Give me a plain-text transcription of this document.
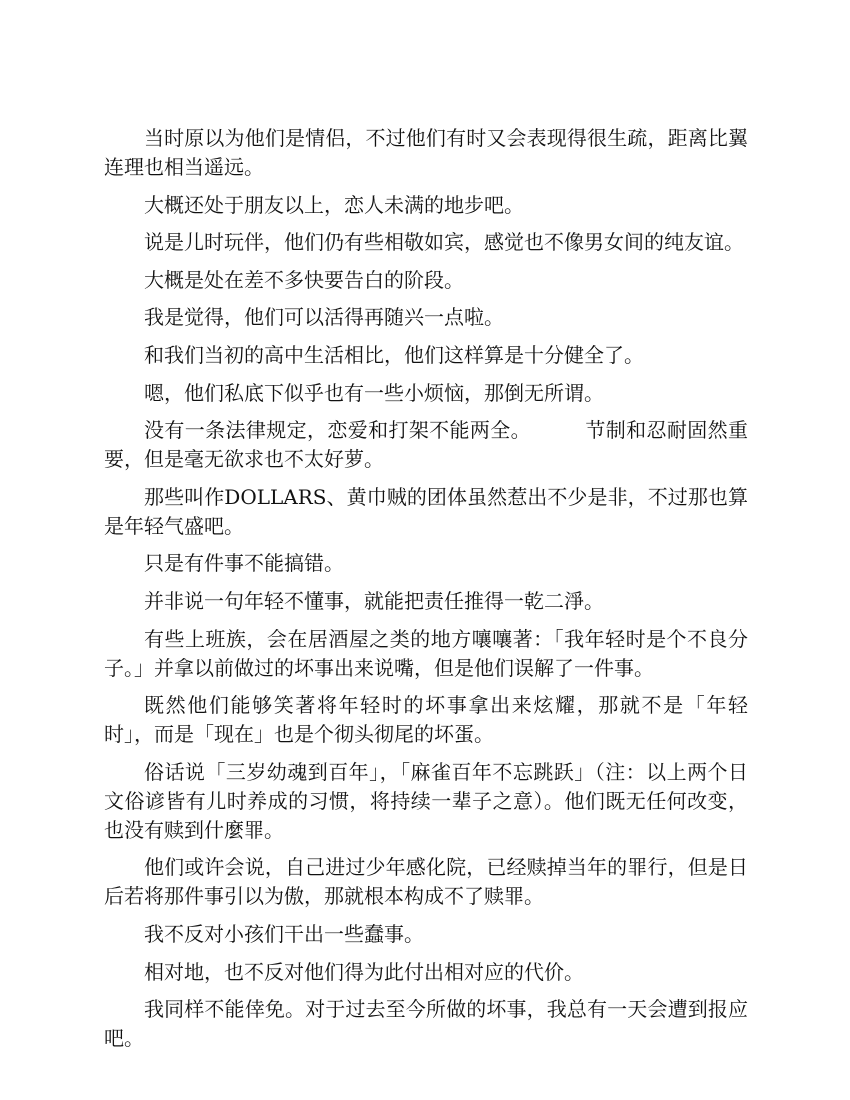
当时原以为他们是情侣，不过他们有时又会表现得很生疏，距离比翼连理也相当遥远。

大概还处于朋友以上，恋人未满的地步吧。

说是儿时玩伴，他们仍有些相敬如宾，感觉也不像男女间的纯友谊。

大概是处在差不多快要告白的阶段。

我是觉得，他们可以活得再随兴一点啦。

和我们当初的高中生活相比，他们这样算是十分健全了。

嗯，他们私底下似乎也有一些小烦恼，那倒无所谓。

没有一条法律规定，恋爱和打架不能两全。	节制和忍耐固然重要，但是毫无欲求也不太好萝。

那些叫作DOLLARS、黄巾贼的团体虽然惹出不少是非，不过那也算是年轻气盛吧。

只是有件事不能搞错。

并非说一句年轻不懂事，就能把责任推得一乾二淨。

有些上班族，会在居酒屋之类的地方嚷嚷著：「我年轻时是个不良分子。」并拿以前做过的坏事出来说嘴，但是他们误解了一件事。

既然他们能够笑著将年轻时的坏事拿出来炫耀，那就不是「年轻时」，而是「现在」也是个彻头彻尾的坏蛋。

俗话说「三岁幼魂到百年」，「麻雀百年不忘跳跃」（注：以上两个日文俗谚皆有儿时养成的习惯，将持续一辈子之意）。他们既无任何改变，也没有赎到什麼罪。

他们或许会说，自己进过少年感化院，已经赎掉当年的罪行，但是日后若将那件事引以为傲，那就根本构成不了赎罪。

我不反对小孩们干出一些蠢事。

相对地，也不反对他们得为此付出相对应的代价。

我同样不能倖免。对于过去至今所做的坏事，我总有一天会遭到报应吧。
